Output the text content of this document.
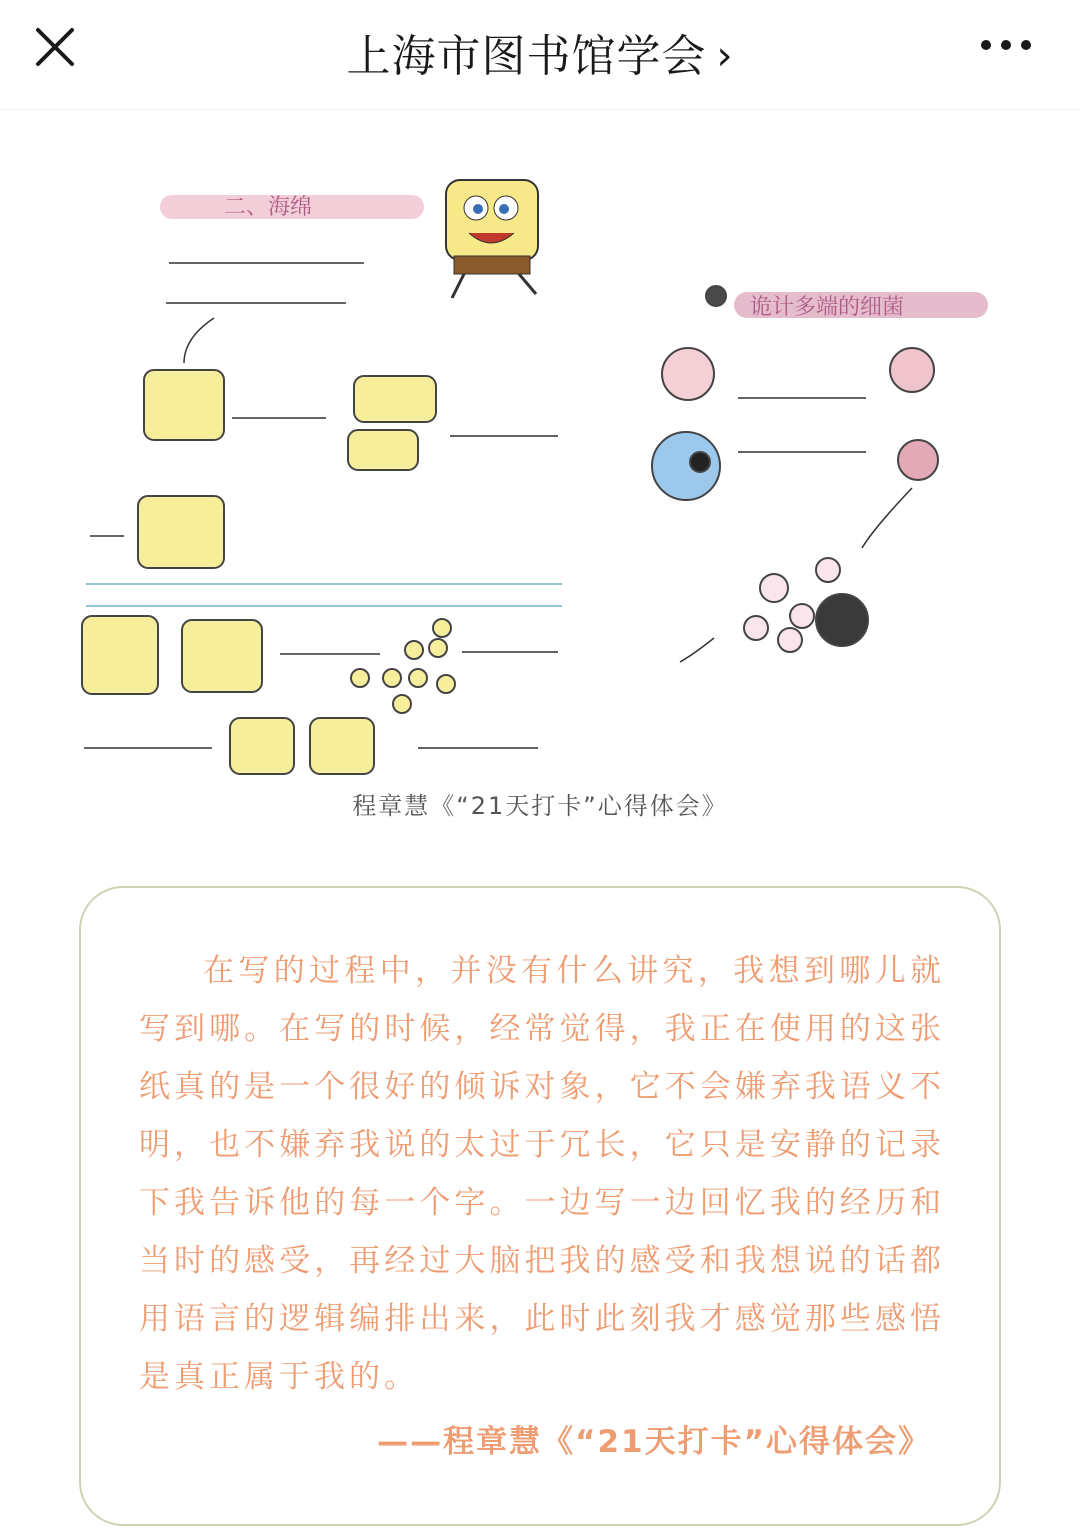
上海市图书馆学会 ›
二、海绵
诡计多端的细菌
程章慧《“21天打卡”心得体会》

在写的过程中，并没有什么讲究，我想到哪儿就写到哪。在写的时候，经常觉得，我正在使用的这张纸真的是一个很好的倾诉对象，它不会嫌弃我语义不明，也不嫌弃我说的太过于冗长，它只是安静的记录下我告诉他的每一个字。一边写一边回忆我的经历和当时的感受，再经过大脑把我的感受和我想说的话都用语言的逻辑编排出来，此时此刻我才感觉那些感悟是真正属于我的。

——程章慧《“21天打卡”心得体会》
